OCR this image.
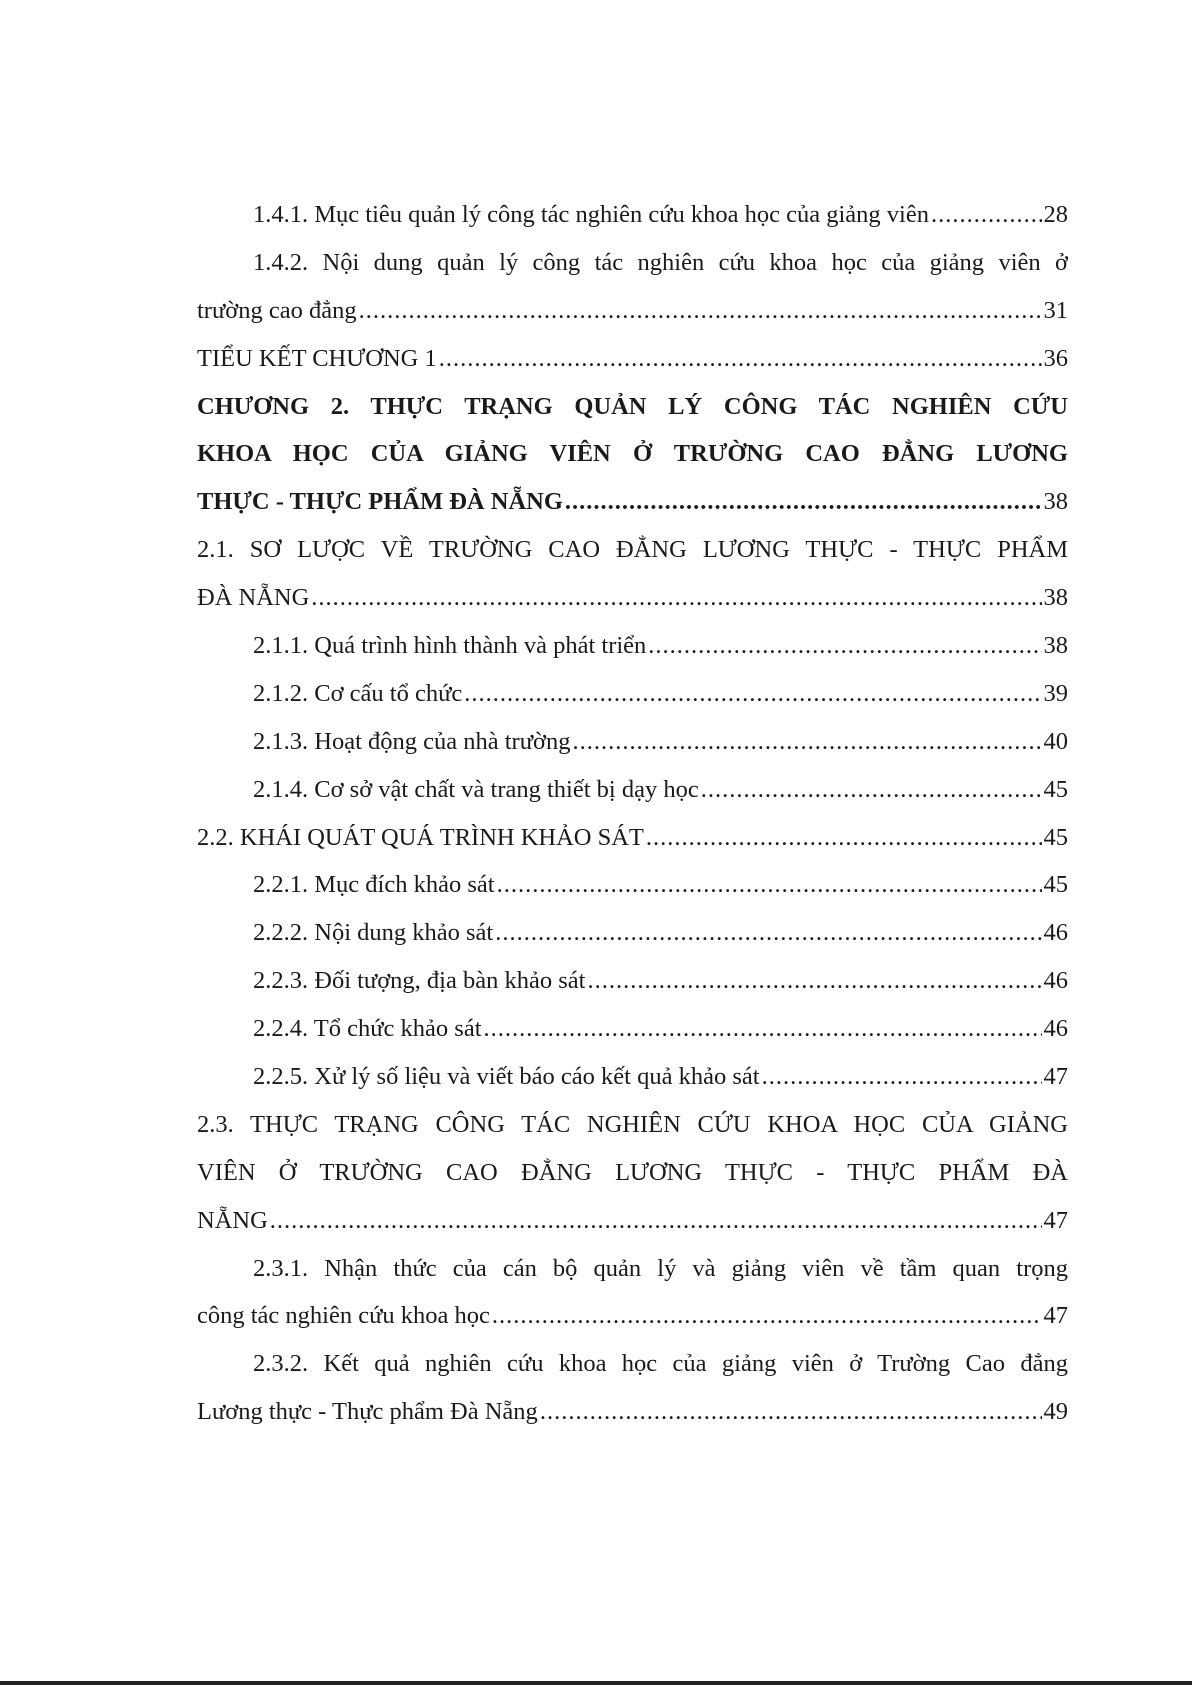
1.4.1. Mục tiêu quản lý công tác nghiên cứu khoa học của giảng viên .....	28
1.4.2. Nội dung quản lý công tác nghiên cứu khoa học của giảng viên ở
trường cao đẳng .....	31
TIỂU KẾT CHƯƠNG 1 .....	36
CHƯƠNG 2. THỰC TRẠNG QUẢN LÝ CÔNG TÁC NGHIÊN CỨU
KHOA HỌC CỦA GIẢNG VIÊN Ở TRƯỜNG CAO ĐẲNG LƯƠNG
THỰC - THỰC PHẨM ĐÀ NẴNG .....	38
2.1. SƠ LƯỢC VỀ TRƯỜNG CAO ĐẲNG LƯƠNG THỰC - THỰC PHẨM
ĐÀ NẴNG .....	38
2.1.1. Quá trình hình thành và phát triển .....	38
2.1.2. Cơ cấu tổ chức .....	39
2.1.3. Hoạt động của nhà trường .....	40
2.1.4. Cơ sở vật chất và trang thiết bị dạy học .....	45
2.2. KHÁI QUÁT QUÁ TRÌNH KHẢO SÁT .....	45
2.2.1. Mục đích khảo sát .....	45
2.2.2. Nội dung khảo sát .....	46
2.2.3. Đối tượng, địa bàn khảo sát .....	46
2.2.4. Tổ chức khảo sát .....	46
2.2.5. Xử lý số liệu và viết báo cáo kết quả khảo sát .....	47
2.3. THỰC TRẠNG CÔNG TÁC NGHIÊN CỨU KHOA HỌC CỦA GIẢNG
VIÊN Ở TRƯỜNG CAO ĐẲNG LƯƠNG THỰC - THỰC PHẨM ĐÀ
NẴNG .....	47
2.3.1. Nhận thức của cán bộ quản lý và giảng viên về tầm quan trọng
công tác nghiên cứu khoa học .....	47
2.3.2. Kết quả nghiên cứu khoa học của giảng viên ở Trường Cao đẳng
Lương thực - Thực phẩm Đà Nẵng .....	49
